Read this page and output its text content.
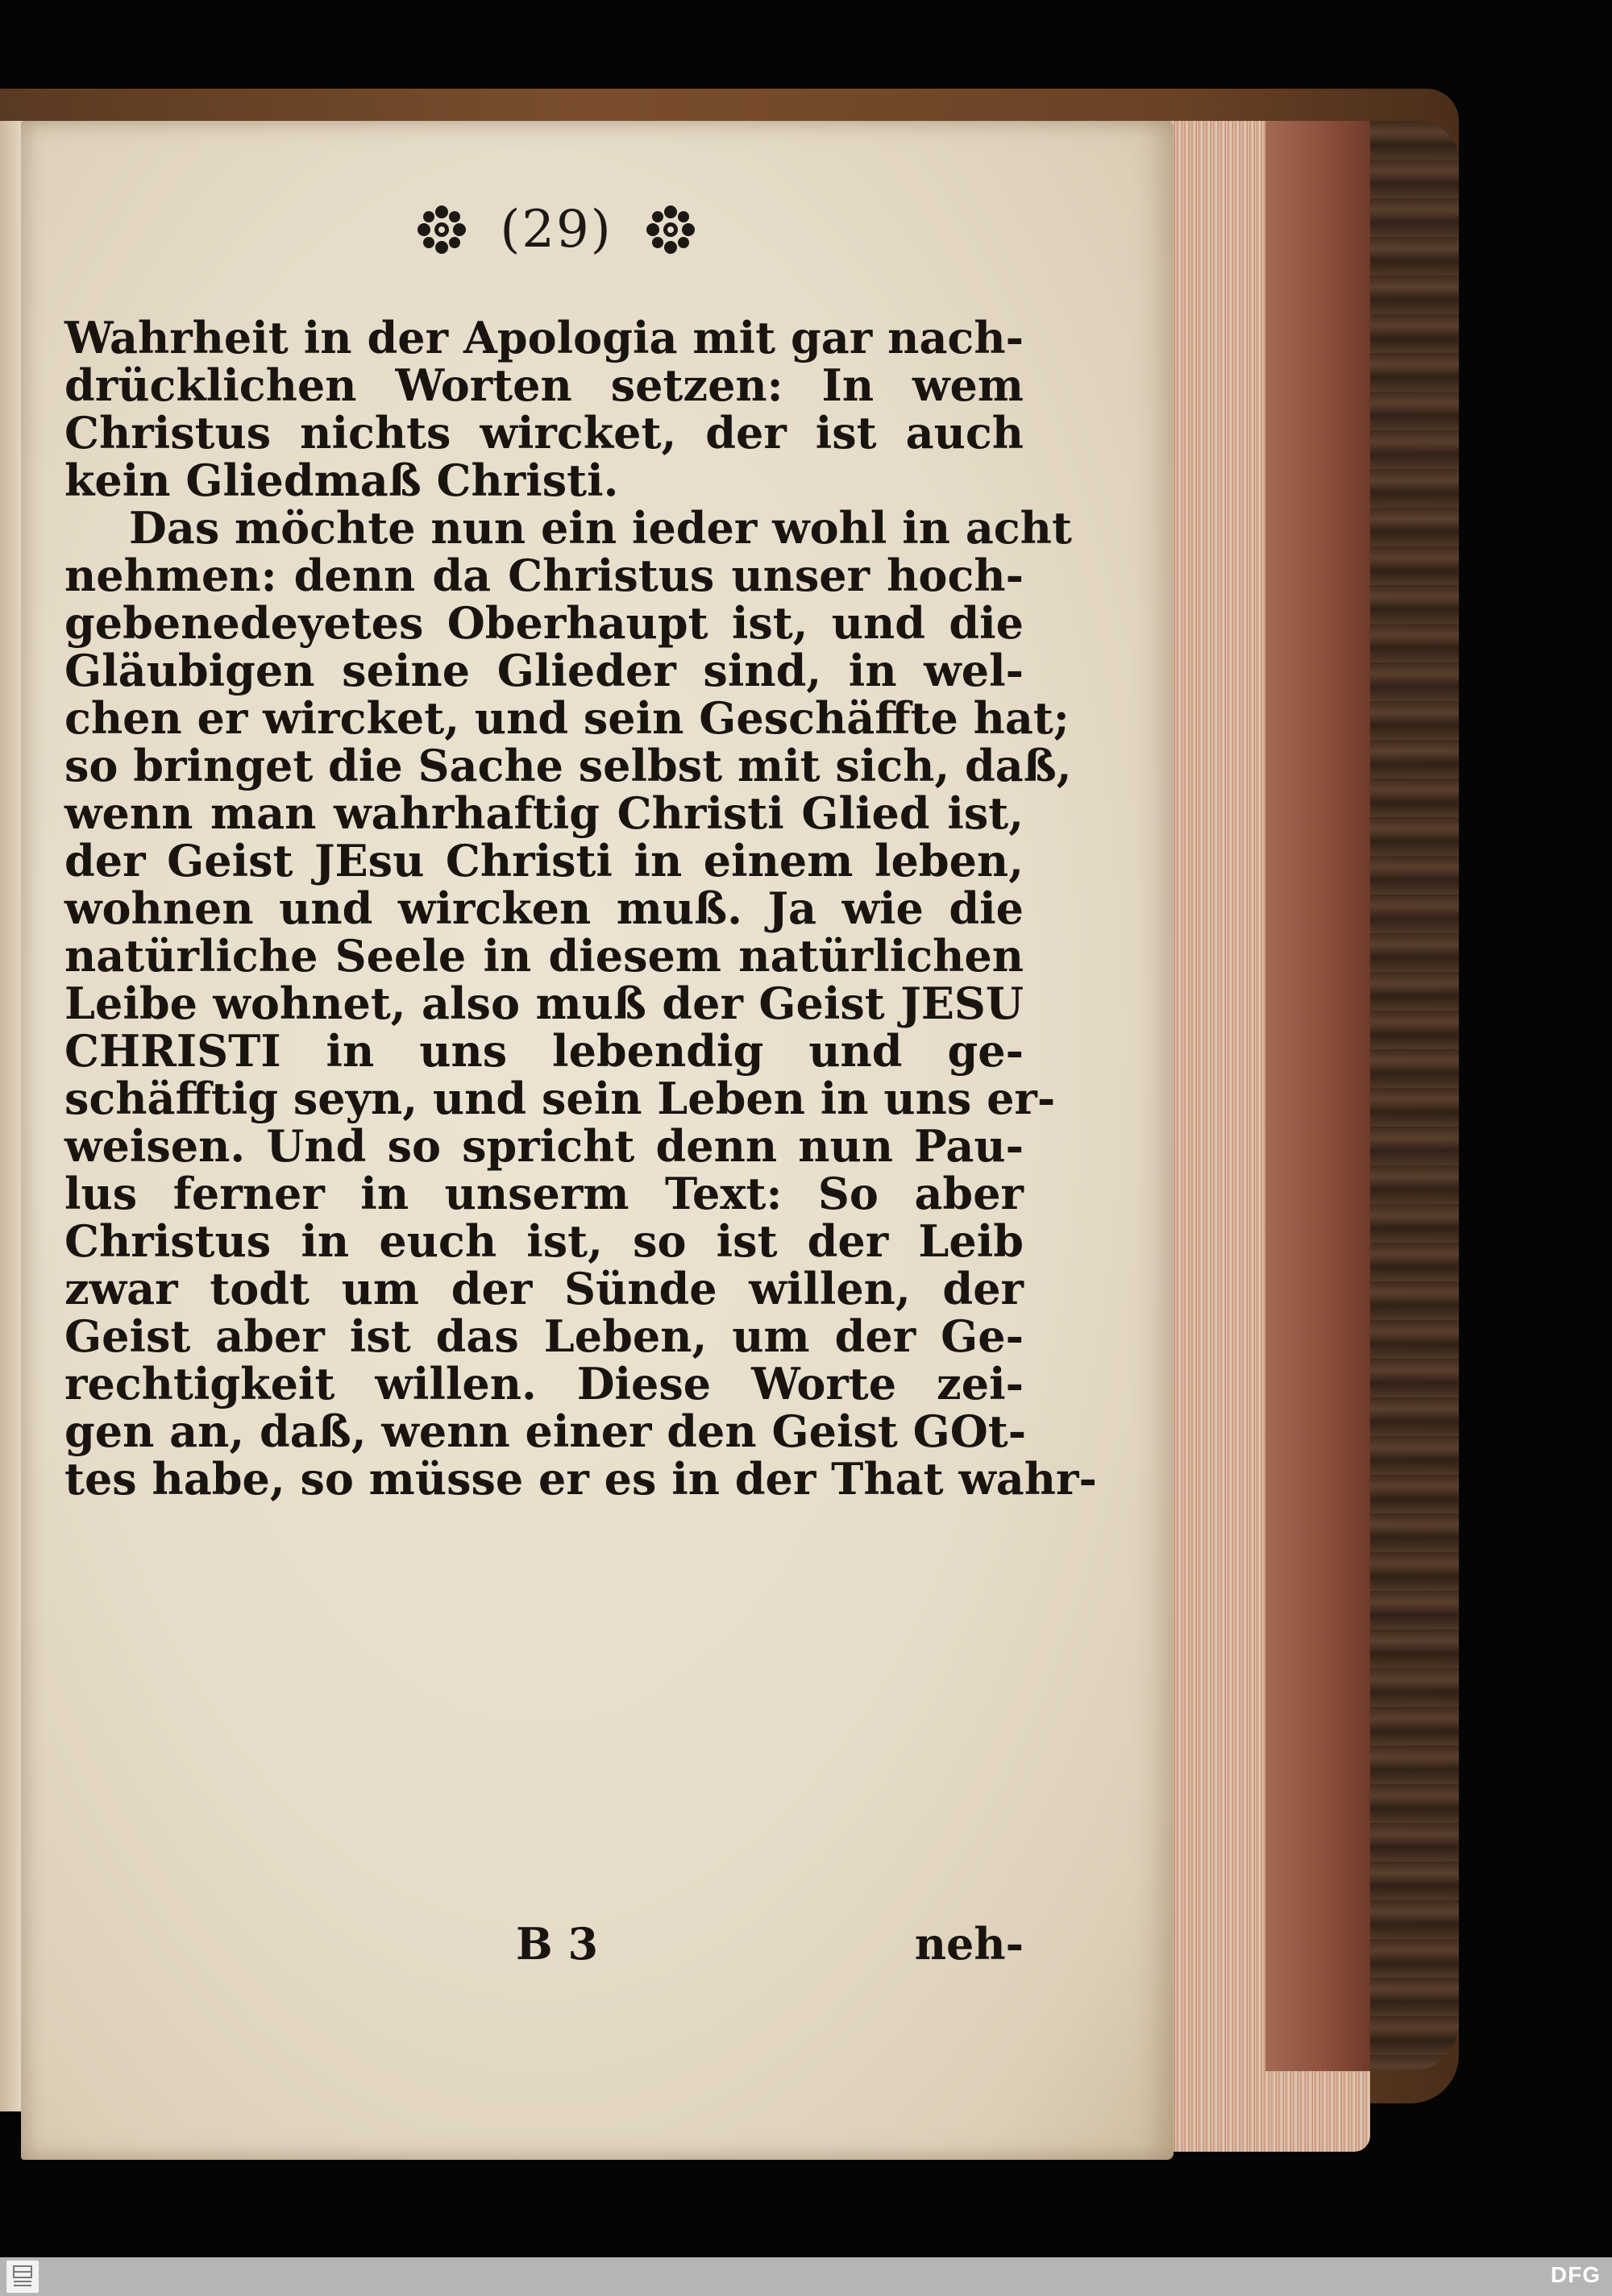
(29)
Wahrheit in der Apologia mit gar nach-
drücklichen Worten setzen: In wem
Christus nichts wircket, der ist auch
kein Gliedmaß Christi.
Das möchte nun ein ieder wohl in acht
nehmen: denn da Christus unser hoch-
gebenedeyetes Oberhaupt ist, und die
Gläubigen seine Glieder sind, in wel-
chen er wircket, und sein Geschäffte hat;
so bringet die Sache selbst mit sich, daß,
wenn man wahrhaftig Christi Glied ist,
der Geist JEsu Christi in einem leben,
wohnen und wircken muß. Ja wie die
natürliche Seele in diesem natürlichen
Leibe wohnet, also muß der Geist JESU
CHRISTI in uns lebendig und ge-
schäfftig seyn, und sein Leben in uns er-
weisen. Und so spricht denn nun Pau-
lus ferner in unserm Text: So aber
Christus in euch ist, so ist der Leib
zwar todt um der Sünde willen, der
Geist aber ist das Leben, um der Ge-
rechtigkeit willen. Diese Worte zei-
gen an, daß, wenn einer den Geist GOt-
tes habe, so müsse er es in der That wahr-
B 3	neh-
DFG
